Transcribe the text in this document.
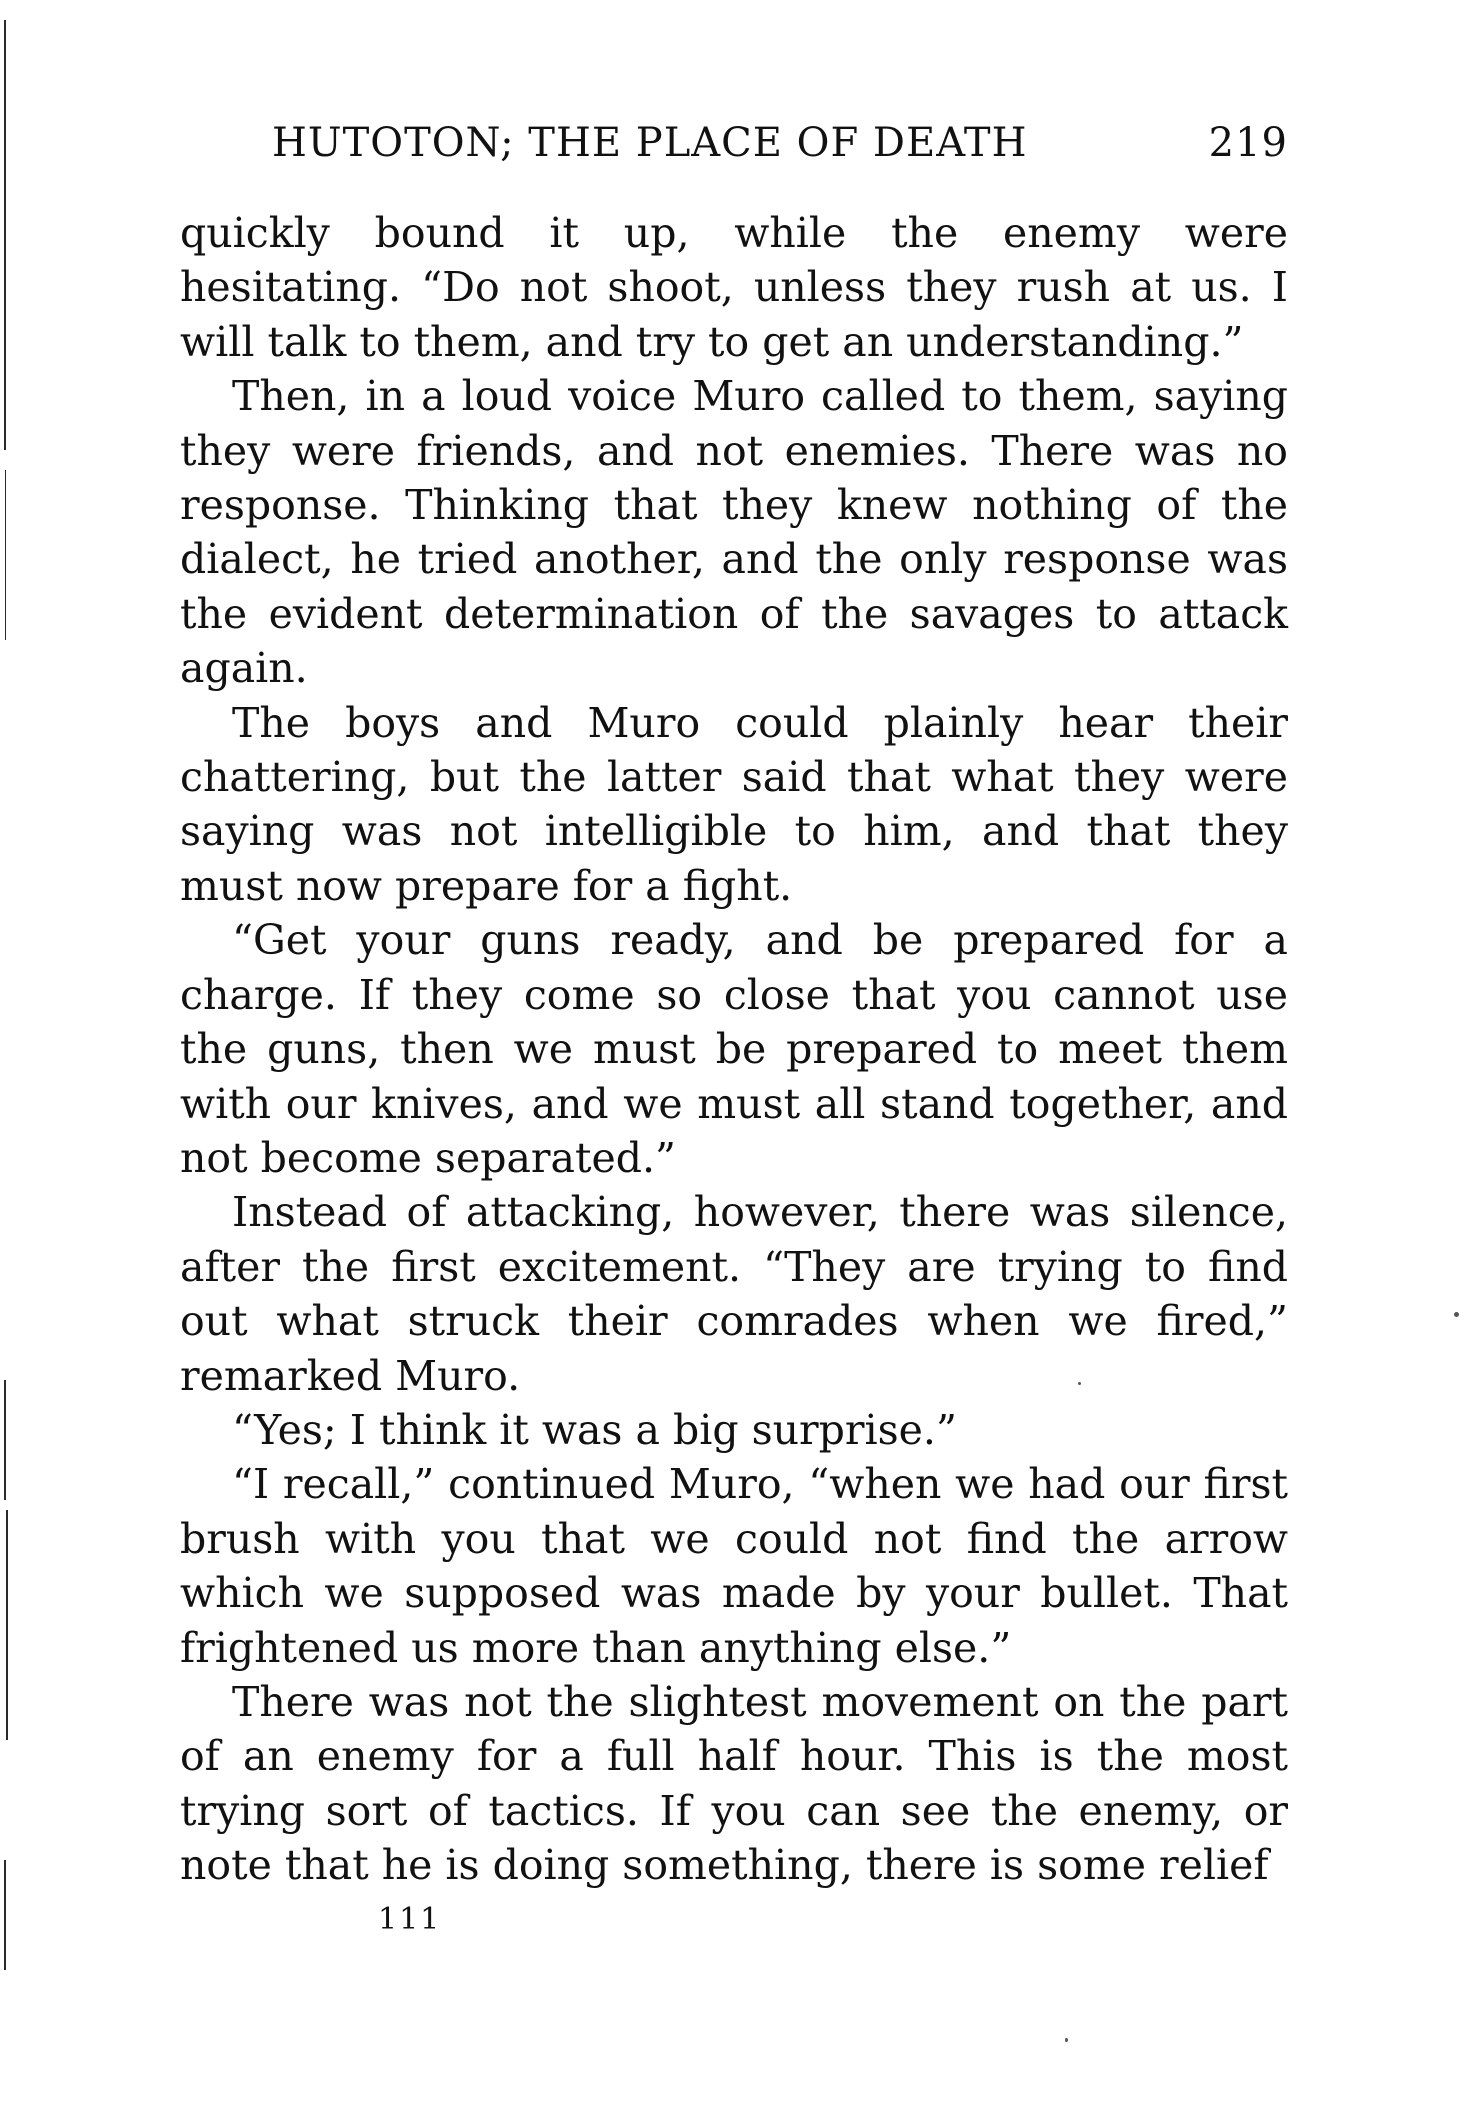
HUTOTON; THE PLACE OF DEATH	219

quickly bound it up, while the enemy were hesitating. “Do not shoot, unless they rush at us. I will talk to them, and try to get an understanding.”

Then, in a loud voice Muro called to them, saying they were friends, and not enemies. There was no response. Thinking that they knew nothing of the dialect, he tried another, and the only response was the evident determination of the savages to attack again.

The boys and Muro could plainly hear their chattering, but the latter said that what they were saying was not intelligible to him, and that they must now prepare for a fight.

“Get your guns ready, and be prepared for a charge. If they come so close that you cannot use the guns, then we must be prepared to meet them with our knives, and we must all stand together, and not become separated.”

Instead of attacking, however, there was silence, after the first excitement. “They are trying to find out what struck their comrades when we fired,” remarked Muro.

“Yes; I think it was a big surprise.”

“I recall,” continued Muro, “when we had our first brush with you that we could not find the arrow which we supposed was made by your bullet. That frightened us more than anything else.”

There was not the slightest movement on the part of an enemy for a full half hour. This is the most trying sort of tactics. If you can see the enemy, or note that he is doing something, there is some relief

111
